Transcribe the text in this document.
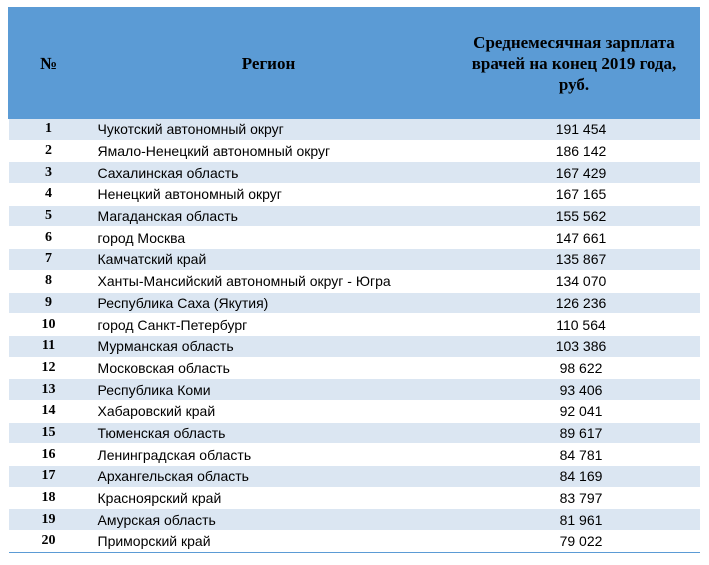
№	Регион	Среднемесячная зарплата
врачей на конец 2019 года,
руб.
1	Чукотский автономный округ	191 454
2	Ямало-Ненецкий автономный округ	186 142
3	Сахалинская область	167 429
4	Ненецкий автономный округ	167 165
5	Магаданская область	155 562
6	город Москва	147 661
7	Камчатский край	135 867
8	Ханты-Мансийский автономный округ - Югра	134 070
9	Республика Саха (Якутия)	126 236
10	город Санкт-Петербург	110 564
11	Мурманская область	103 386
12	Московская область	98 622
13	Республика Коми	93 406
14	Хабаровский край	92 041
15	Тюменская область	89 617
16	Ленинградская область	84 781
17	Архангельская область	84 169
18	Красноярский край	83 797
19	Амурская область	81 961
20	Приморский край	79 022
